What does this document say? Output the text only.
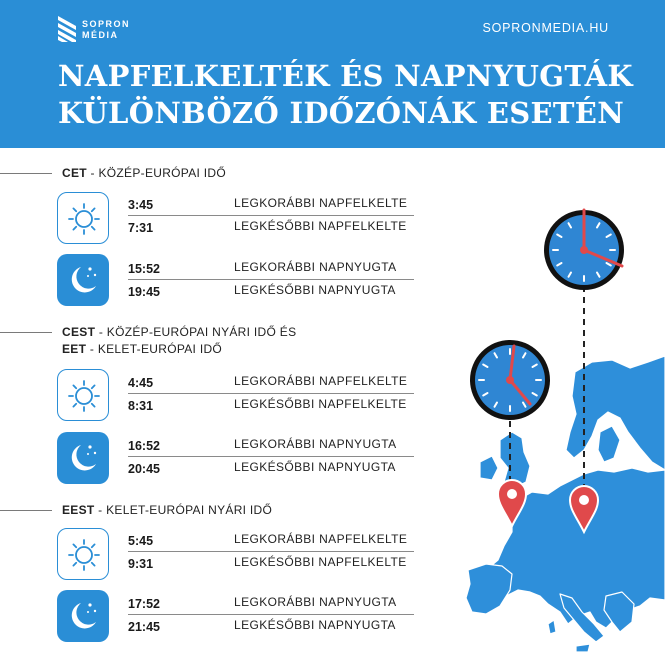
SOPRON
MÉDIA	SOPRONMEDIA.HU
NAPFELKELTÉK ÉS NAPNYUGTÁK
KÜLÖNBÖZŐ IDŐZÓNÁK ESETÉN
CET - KÖZÉP-EURÓPAI IDŐ
3:45	LEGKORÁBBI NAPFELKELTE
7:31	LEGKÉSŐBBI NAPFELKELTE
15:52	LEGKORÁBBI NAPNYUGTA
19:45	LEGKÉSŐBBI NAPNYUGTA
CEST - KÖZÉP-EURÓPAI NYÁRI IDŐ ÉS
EET - KELET-EURÓPAI IDŐ
4:45	LEGKORÁBBI NAPFELKELTE
8:31	LEGKÉSŐBBI NAPFELKELTE
16:52	LEGKORÁBBI NAPNYUGTA
20:45	LEGKÉSŐBBI NAPNYUGTA
EEST - KELET-EURÓPAI NYÁRI IDŐ
5:45	LEGKORÁBBI NAPFELKELTE
9:31	LEGKÉSŐBBI NAPFELKELTE
17:52	LEGKORÁBBI NAPNYUGTA
21:45	LEGKÉSŐBBI NAPNYUGTA
